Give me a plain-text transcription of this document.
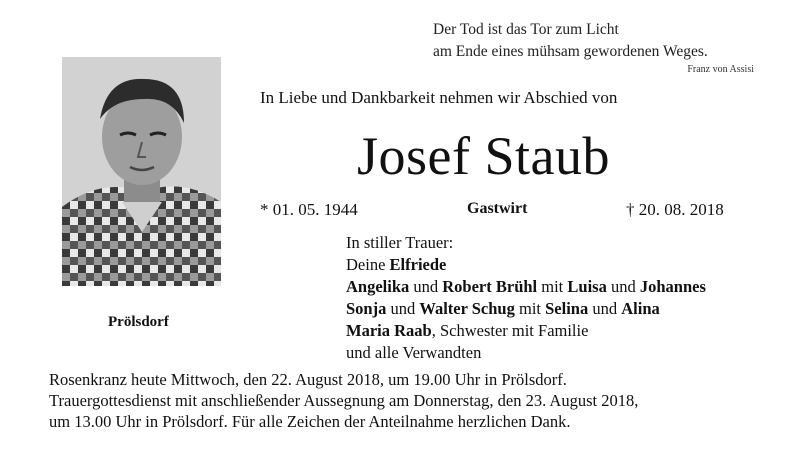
Der Tod ist das Tor zum Licht
am Ende eines mühsam gewordenen Weges.
Franz von Assisi
Prölsdorf
In Liebe und Dankbarkeit nehmen wir Abschied von
Josef Staub
* 01. 05. 1944	Gastwirt	† 20. 08. 2018
In stiller Trauer:
Deine Elfriede
Angelika und Robert Brühl mit Luisa und Johannes
Sonja und Walter Schug mit Selina und Alina
Maria Raab, Schwester mit Familie
und alle Verwandten
Rosenkranz heute Mittwoch, den 22. August 2018, um 19.00 Uhr in Prölsdorf.
Trauergottesdienst mit anschließender Aussegnung am Donnerstag, den 23. August 2018,
um 13.00 Uhr in Prölsdorf. Für alle Zeichen der Anteilnahme herzlichen Dank.
